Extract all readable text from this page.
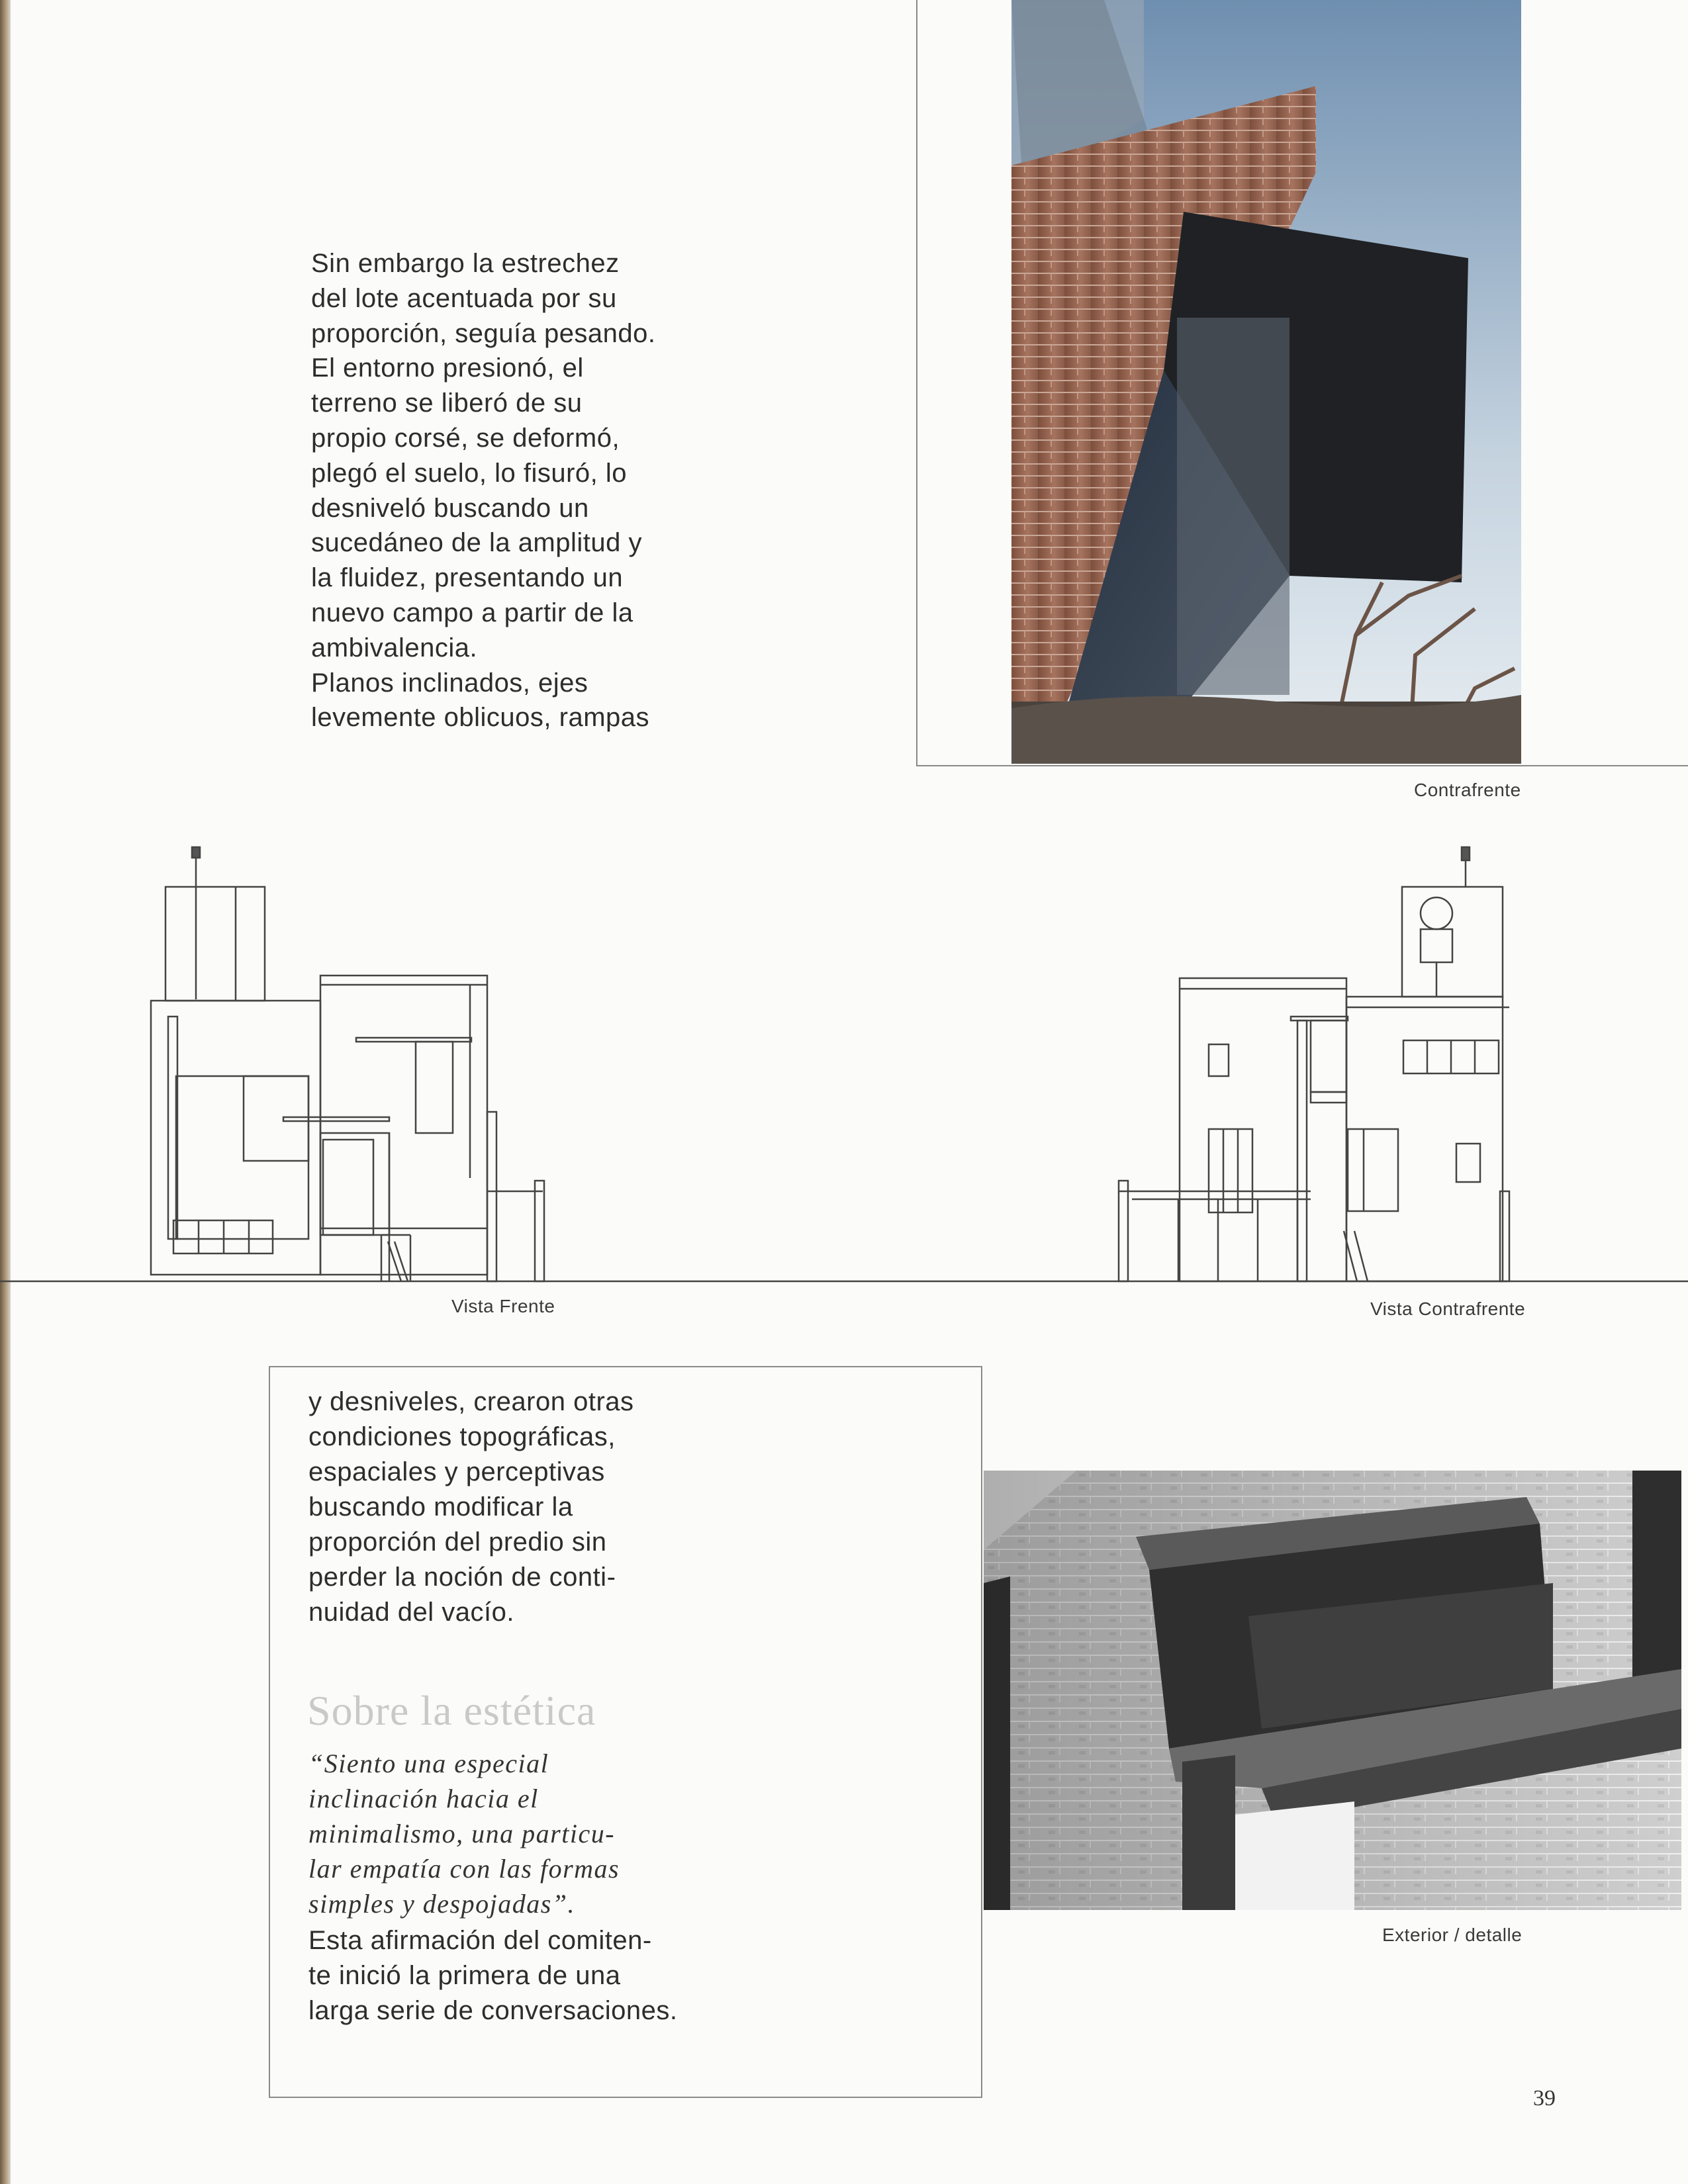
Sin embargo la estrechez
del lote acentuada por su
proporción, seguía pesando.
El entorno presionó, el
terreno se liberó de su
propio corsé, se deformó,
plegó el suelo, lo fisuró, lo
desniveló buscando un
sucedáneo de la amplitud y
la fluidez, presentando un
nuevo campo a partir de la
ambivalencia.
Planos inclinados, ejes
levemente oblicuos, rampas
Contrafrente
Vista Frente	Vista Contrafrente
y desniveles, crearon otras
condiciones topográficas,
espaciales y perceptivas
buscando modificar la
proporción del predio sin
perder la noción de conti-
nuidad del vacío.
Sobre la estética
“Siento una especial
inclinación hacia el
minimalismo, una particu-
lar empatía con las formas
simples y despojadas”.
Esta afirmación del comiten-
te inició la primera de una
larga serie de conversaciones.
Exterior / detalle
39
